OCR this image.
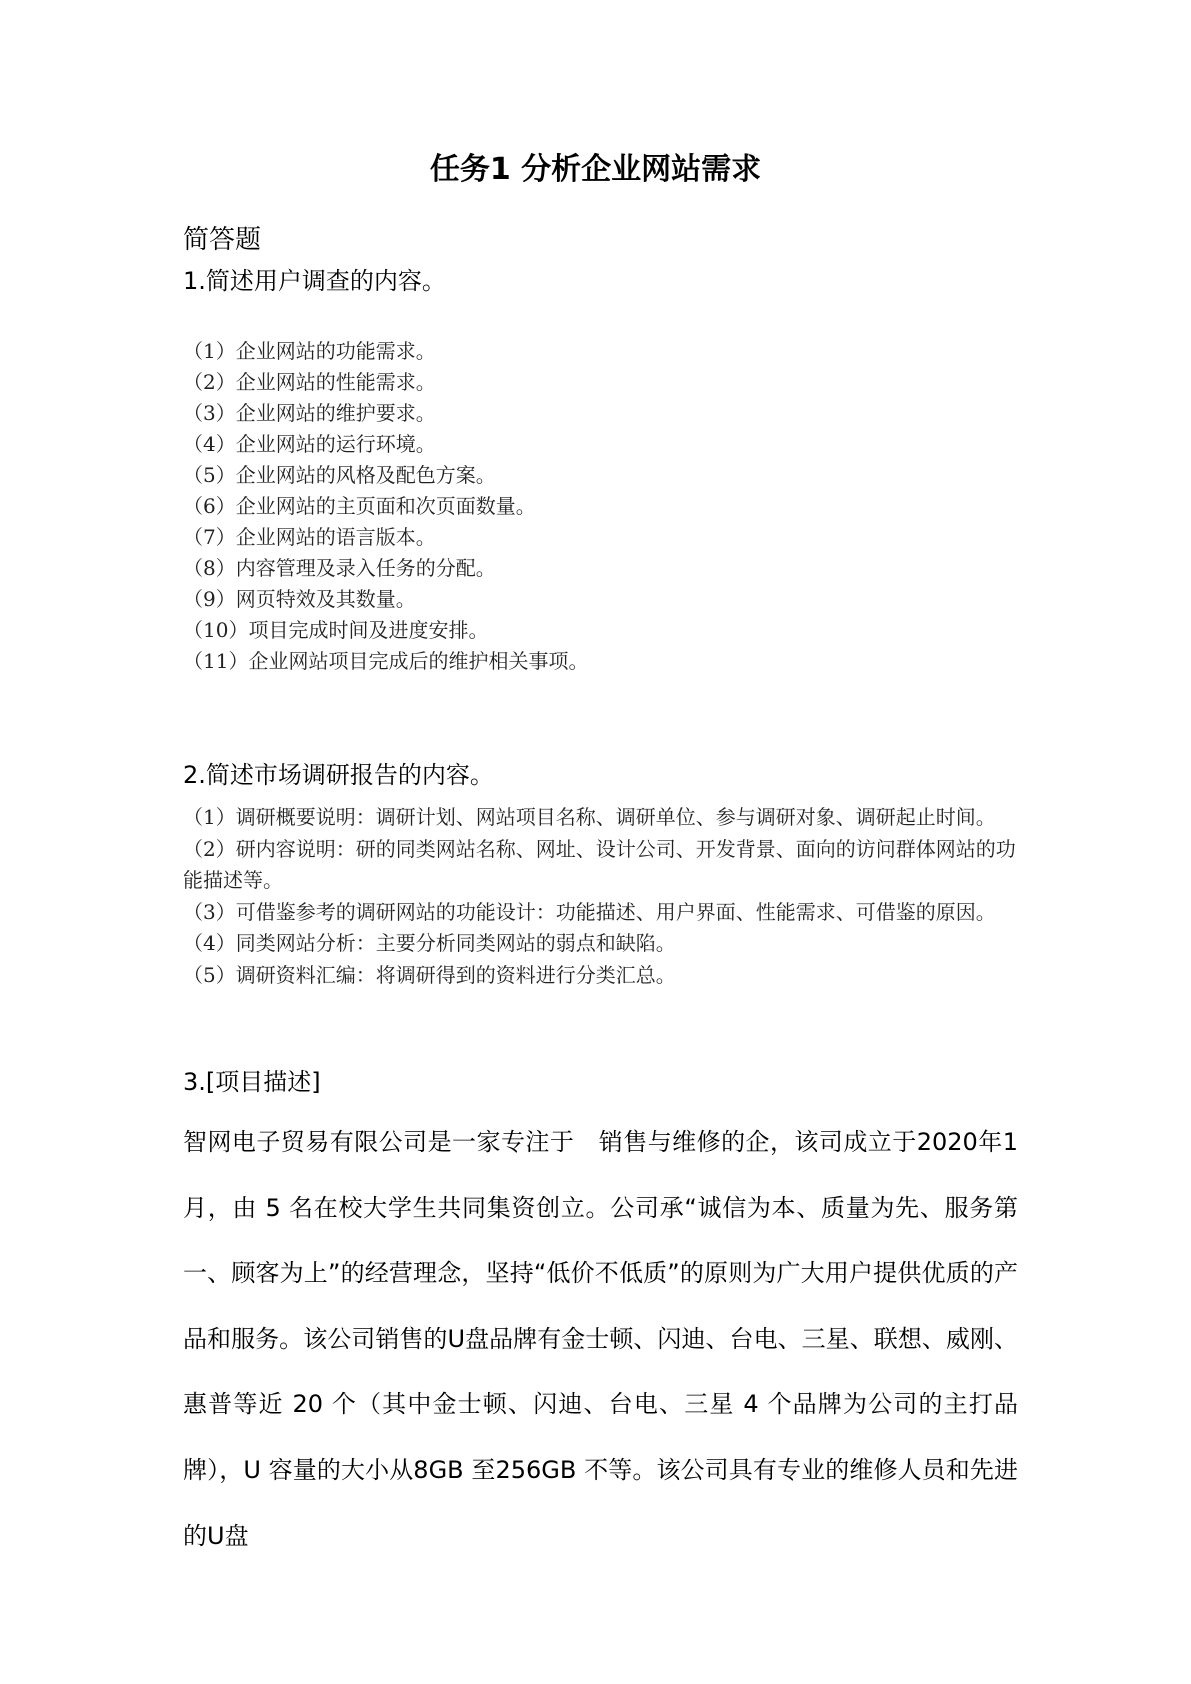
任务1 分析企业网站需求
简答题
1.简述用户调查的内容。
（1）企业网站的功能需求。
（2）企业网站的性能需求。
（3）企业网站的维护要求。
（4）企业网站的运行环境。
（5）企业网站的风格及配色方案。
（6）企业网站的主页面和次页面数量。
（7）企业网站的语言版本。
（8）内容管理及录入任务的分配。
（9）网页特效及其数量。
（10）项目完成时间及进度安排。
（11）企业网站项目完成后的维护相关事项。
2.简述市场调研报告的内容。
（1）调研概要说明：调研计划、网站项目名称、调研单位、参与调研对象、调研起止时间。
（2）研内容说明：研的同类网站名称、网址、设计公司、开发背景、面向的访问群体网站的功能描述等。
（3）可借鉴参考的调研网站的功能设计：功能描述、用户界面、性能需求、可借鉴的原因。
（4）同类网站分析：主要分析同类网站的弱点和缺陷。
（5）调研资料汇编：将调研得到的资料进行分类汇总。
3.[项目描述]

智网电子贸易有限公司是一家专注于　销售与维修的企，该司成立于2020年1月，由 5 名在校大学生共同集资创立。公司承“诚信为本、质量为先、服务第一、顾客为上”的经营理念，坚持“低价不低质”的原则为广大用户提供优质的产品和服务。该公司销售的U盘品牌有金士顿、闪迪、台电、三星、联想、威刚、惠普等近 20 个（其中金士顿、闪迪、台电、三星 4 个品牌为公司的主打品牌），U 容量的大小从8GB 至256GB 不等。该公司具有专业的维修人员和先进的U盘
